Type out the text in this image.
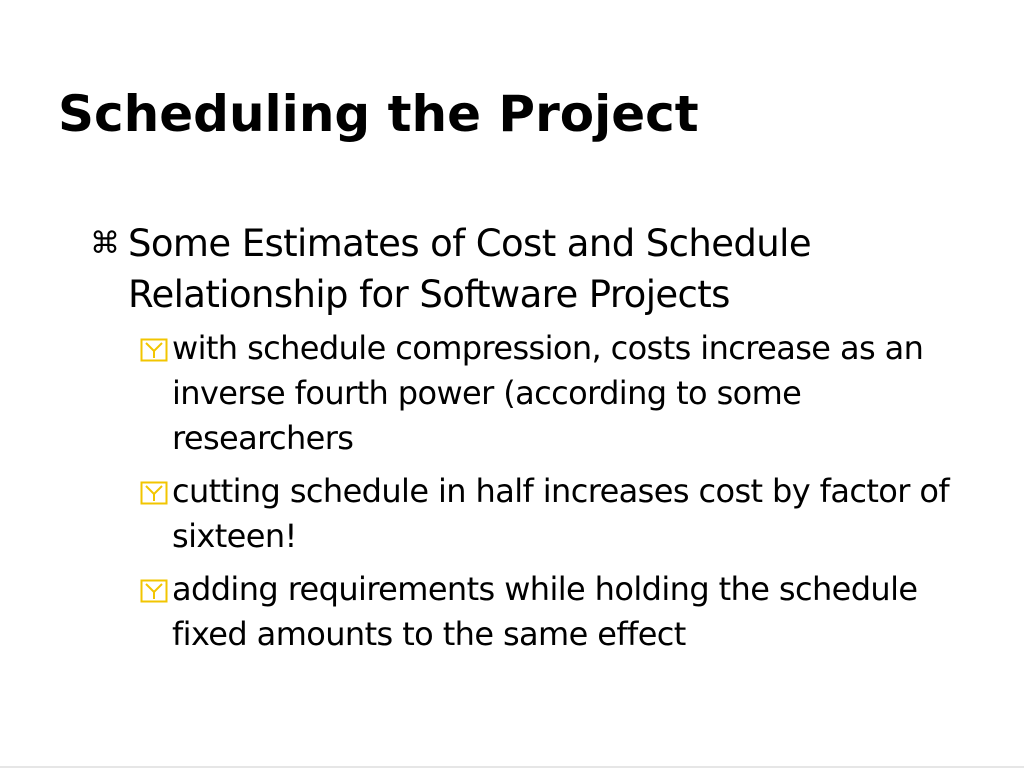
Scheduling the Project
⌘ Some Estimates of Cost and Schedule Relationship for Software Projects
with schedule compression, costs increase as an inverse fourth power (according to some researchers
cutting schedule in half increases cost by factor of sixteen!
adding requirements while holding the schedule fixed amounts to the same effect
